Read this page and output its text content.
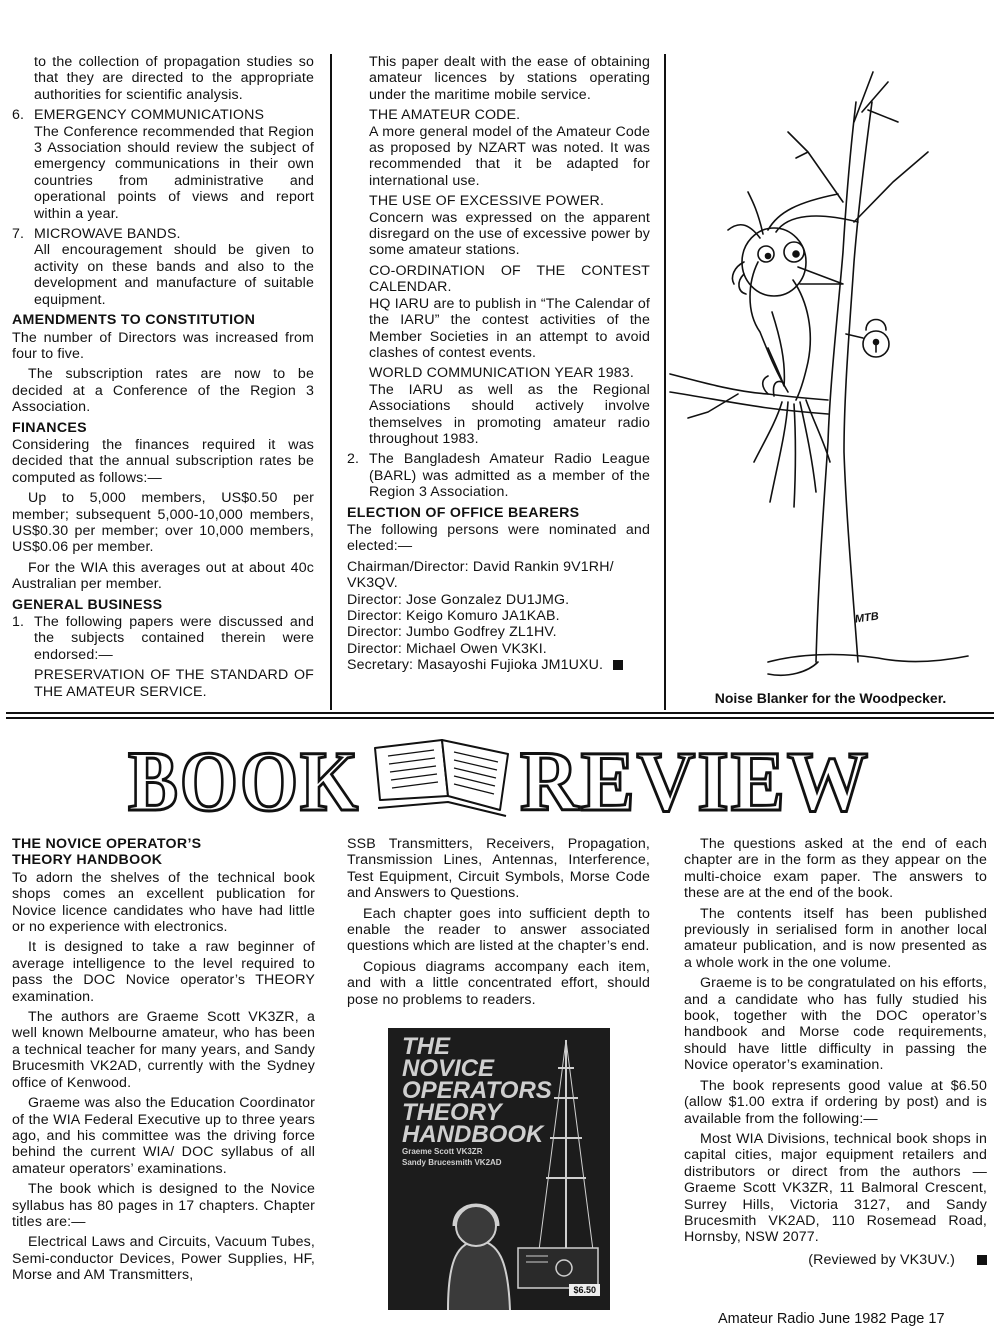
to the collection of propagation studies so that they are directed to the appropriate authorities for scientific analysis.

6. EMERGENCY COMMUNICATIONS
The Conference recommended that Region 3 Association should review the subject of emergency communications in their own countries from administrative and operational points of views and report within a year.
7. MICROWAVE BANDS.
All encouragement should be given to activity on these bands and also to the development and manufacture of suitable equipment.
AMENDMENTS TO CONSTITUTION

The number of Directors was increased from four to five.

The subscription rates are now to be decided at a Conference of the Region 3 Association.

FINANCES

Considering the finances required it was decided that the annual subscription rates be computed as follows:—

Up to 5,000 members, US$0.50 per member; subsequent 5,000-10,000 members, US$0.30 per member; over 10,000 members, US$0.06 per member.

For the WIA this averages out at about 40c Australian per member.

GENERAL BUSINESS
1. The following papers were discussed and the subjects contained therein were endorsed:—
PRESERVATION OF THE STANDARD OF THE AMATEUR SERVICE.

This paper dealt with the ease of obtaining amateur licences by stations operating under the maritime mobile service.

THE AMATEUR CODE.

A more general model of the Amateur Code as proposed by NZART was noted. It was recommended that it be adapted for international use.

THE USE OF EXCESSIVE POWER.

Concern was expressed on the apparent disregard on the use of excessive power by some amateur stations.

CO-ORDINATION OF THE CONTEST CALENDAR.

HQ IARU are to publish in “The Calendar of the IARU” the contest activities of the Member Societies in an attempt to avoid clashes of contest events.

WORLD COMMUNICATION YEAR 1983.

The IARU as well as the Regional Associations should actively involve themselves in promoting amateur radio throughout 1983.

2. The Bangladesh Amateur Radio League (BARL) was admitted as a member of the Region 3 Association.
ELECTION OF OFFICE BEARERS

The following persons were nominated and elected:—

Chairman/Director: David Rankin 9V1RH/ VK3QV.

Director: Jose Gonzalez DU1JMG.

Director: Keigo Komuro JA1KAB.

Director: Jumbo Godfrey ZL1HV.

Director: Michael Owen VK3KI.

Secretary: Masayoshi Fujioka JM1UXU.

MTB
Noise Blanker for the Woodpecker.
BOOK REVIEW
THE NOVICE OPERATOR’S
THEORY HANDBOOK

To adorn the shelves of the technical book shops comes an excellent publication for Novice licence candidates who have had little or no experience with electronics.

It is designed to take a raw beginner of average intelligence to the level required to pass the DOC Novice operator’s THEORY examination.

The authors are Graeme Scott VK3ZR, a well known Melbourne amateur, who has been a technical teacher for many years, and Sandy Brucesmith VK2AD, currently with the Sydney office of Kenwood.

Graeme was also the Education Coordinator of the WIA Federal Executive up to three years ago, and his committee was the driving force behind the current WIA/ DOC syllabus of all amateur operators’ examinations.

The book which is designed to the Novice syllabus has 80 pages in 17 chapters. Chapter titles are:—

Electrical Laws and Circuits, Vacuum Tubes, Semi-conductor Devices, Power Supplies, HF, Morse and AM Transmitters,

SSB Transmitters, Receivers, Propagation, Transmission Lines, Antennas, Interference, Test Equipment, Circuit Symbols, Morse Code and Answers to Questions.

Each chapter goes into sufficient depth to enable the reader to answer associated questions which are listed at the chapter’s end.

Copious diagrams accompany each item, and with a little concentrated effort, should pose no problems to readers.

THE
NOVICE
OPERATORS
THEORY
HANDBOOK
Graeme Scott VK3ZR
Sandy Brucesmith VK2AD
$6.50

The questions asked at the end of each chapter are in the form as they appear on the multi-choice exam paper. The answers to these are at the end of the book.

The contents itself has been published previously in serialised form in another local amateur publication, and is now presented as a whole work in the one volume.

Graeme is to be congratulated on his efforts, and a candidate who has fully studied his book, together with the DOC operator’s handbook and Morse code requirements, should have little difficulty in passing the Novice operator’s examination.

The book represents good value at $6.50 (allow $1.00 extra if ordering by post) and is available from the following:—

Most WIA Divisions, technical book shops in capital cities, major equipment retailers and distributors or direct from the authors — Graeme Scott VK3ZR, 11 Balmoral Crescent, Surrey Hills, Victoria 3127, and Sandy Brucesmith VK2AD, 110 Rosemead Road, Hornsby, NSW 2077.

(Reviewed by VK3UV.)

Amateur Radio June 1982 Page 17
